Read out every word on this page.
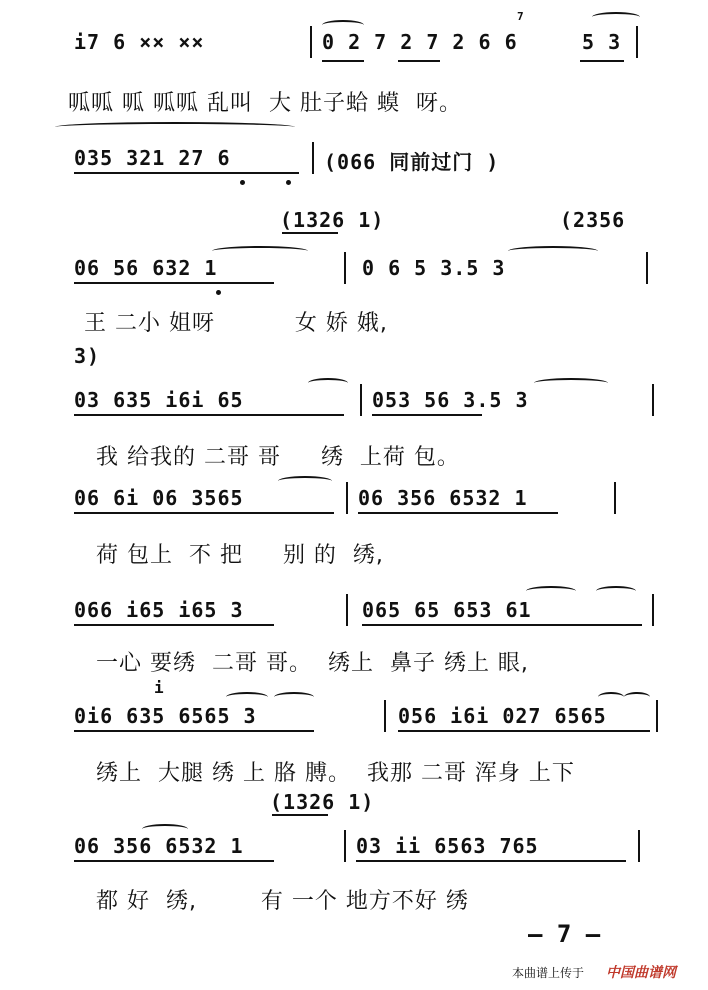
i7 6 ×× ××

	0 2 7 2 7 2 6 6

	5 3

7

呱呱 呱 呱呱 乱叫  大 肚子蛤 蟆  呀。

035 321 27 6

	(066 同前过门 )

(1326 1)

	(2356

06 56 632 1

	0 6 5 3.5 3

王 二小 姐呀          女 娇 娥,

3)

03 635 i6i 65

	053 56 3.5 3

我 给我的 二哥 哥     绣  上荷 包。

06 6i 06 3565

	06 356 6532 1

荷 包上  不 把     别 的  绣,

066 i65 i65 3

	065 65 653 61

一心 要绣  二哥 哥。  绣上  鼻子 绣上 眼,

i

0i6 635 6565 3

	056 i6i 027 6565

绣上  大腿 绣 上 胳 膊。  我那 二哥 浑身 上下

(1326 1)

06 356 6532 1

	03 ii 6563 765

都 好  绣,        有 一个 地方不好 绣

— 7 —
本曲谱上传于 中国曲谱网
